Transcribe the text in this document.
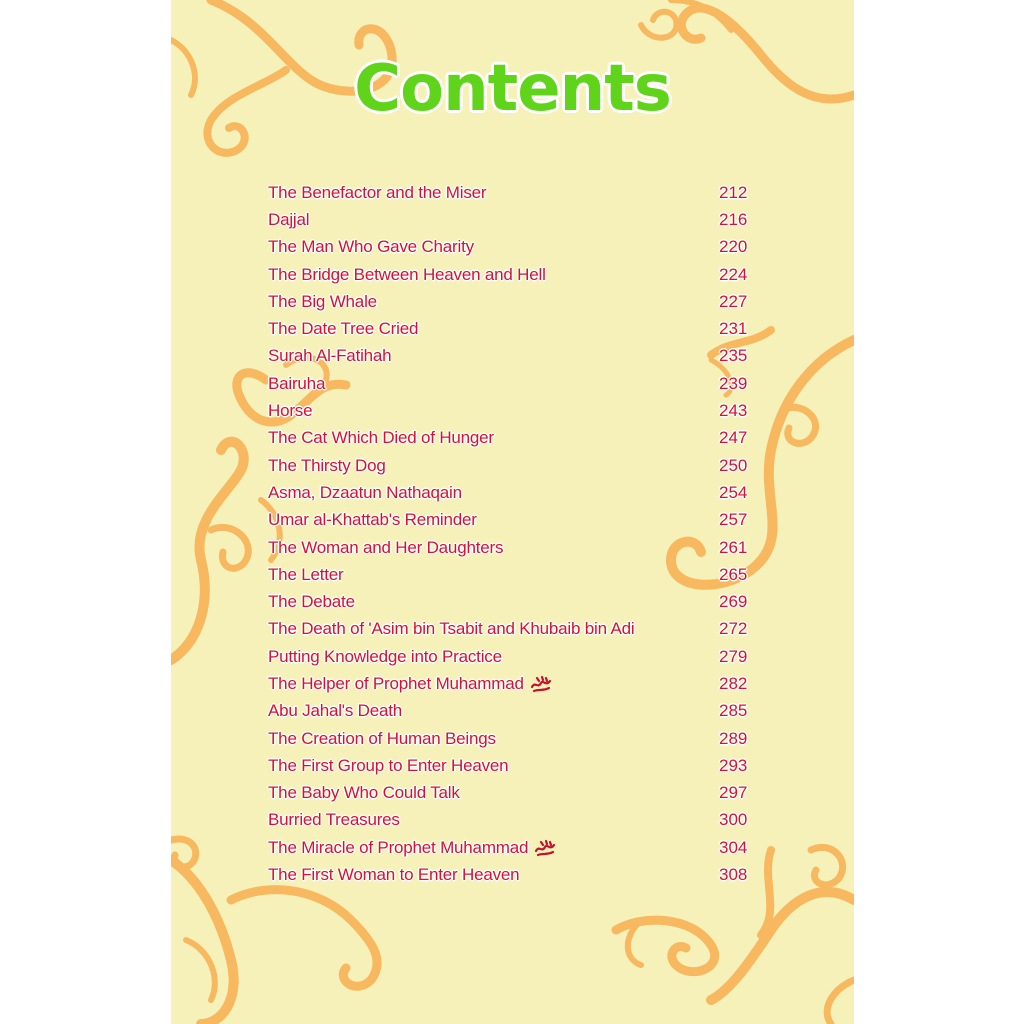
Contents
The Benefactor and the Miser	212
Dajjal	216
The Man Who Gave Charity	220
The Bridge Between Heaven and Hell	224
The Big Whale	227
The Date Tree Cried	231
Surah Al-Fatihah	235
Bairuha	239
Horse	243
The Cat Which Died of Hunger	247
The Thirsty Dog	250
Asma, Dzaatun Nathaqain	254
Umar al-Khattab's Reminder	257
The Woman and Her Daughters	261
The Letter	265
The Debate	269
The Death of 'Asim bin Tsabit and Khubaib bin Adi	272
Putting Knowledge into Practice	279
The Helper of Prophet Muhammad	282
Abu Jahal's Death	285
The Creation of Human Beings	289
The First Group to Enter Heaven	293
The Baby Who Could Talk	297
Burried Treasures	300
The Miracle of Prophet Muhammad	304
The First Woman to Enter Heaven	308
